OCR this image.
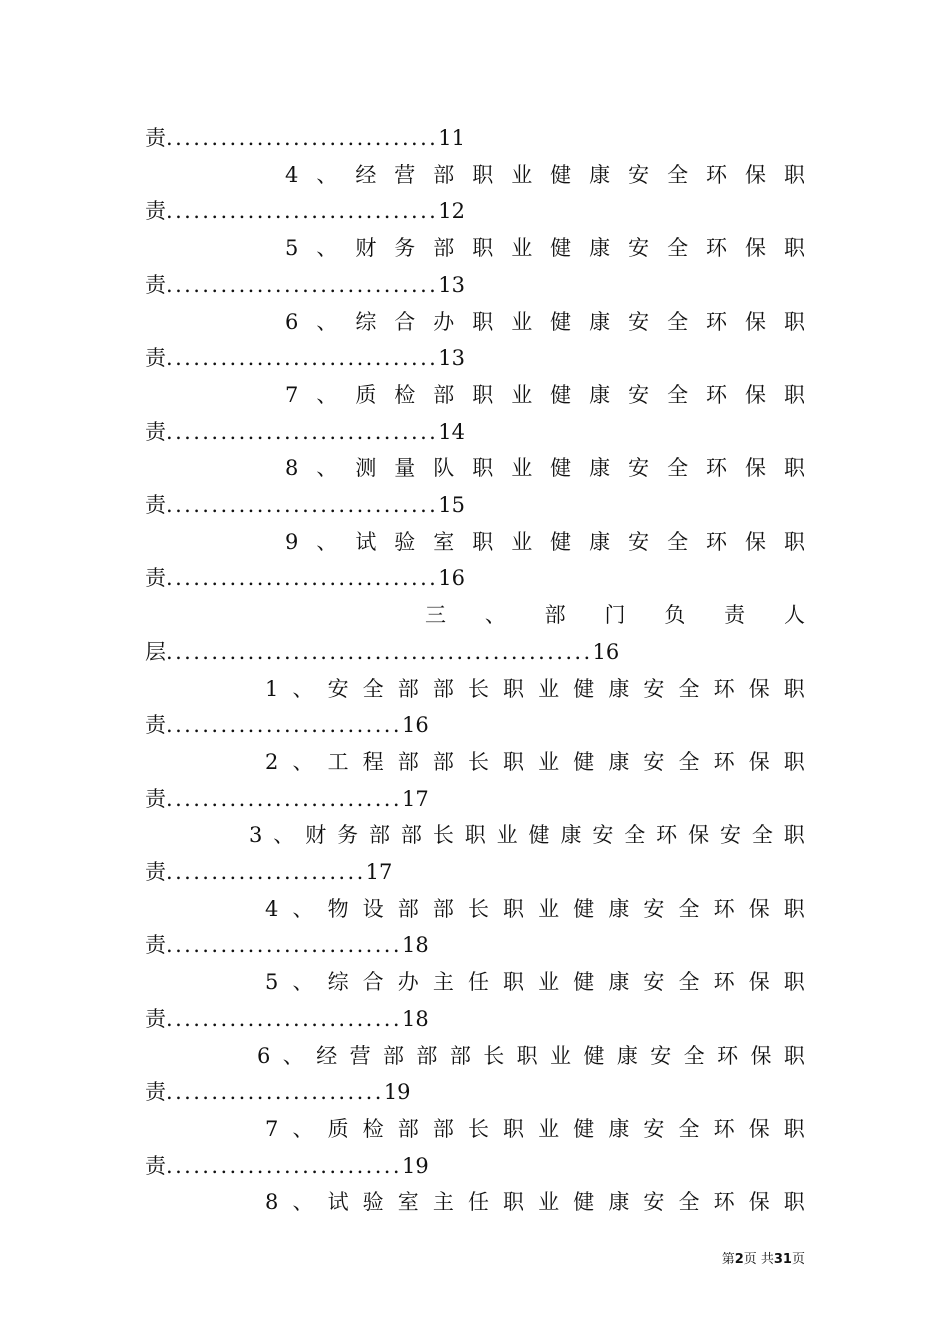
责 .............................. 11
4 、 经 营 部 职 业 健 康 安 全 环 保 职
责 .............................. 12
5 、 财 务 部 职 业 健 康 安 全 环 保 职
责 .............................. 13
6 、 综 合 办 职 业 健 康 安 全 环 保 职
责 .............................. 13
7 、 质 检 部 职 业 健 康 安 全 环 保 职
责 .............................. 14
8 、 测 量 队 职 业 健 康 安 全 环 保 职
责 .............................. 15
9 、 试 验 室 职 业 健 康 安 全 环 保 职
责 .............................. 16
三 、 部 门 负 责 人
层 ............................................... 16
1 、 安 全 部 部 长 职 业 健 康 安 全 环 保 职
责 .......................... 16
2 、 工 程 部 部 长 职 业 健 康 安 全 环 保 职
责 .......................... 17
3 、 财 务 部 部 长 职 业 健 康 安 全 环 保 安 全 职
责 ...................... 17
4 、 物 设 部 部 长 职 业 健 康 安 全 环 保 职
责 .......................... 18
5 、 综 合 办 主 任 职 业 健 康 安 全 环 保 职
责 .......................... 18
6 、 经 营 部 部 部 长 职 业 健 康 安 全 环 保 职
责 ........................ 19
7 、 质 检 部 部 长 职 业 健 康 安 全 环 保 职
责 .......................... 19
8 、 试 验 室 主 任 职 业 健 康 安 全 环 保 职
第2页 共31页
